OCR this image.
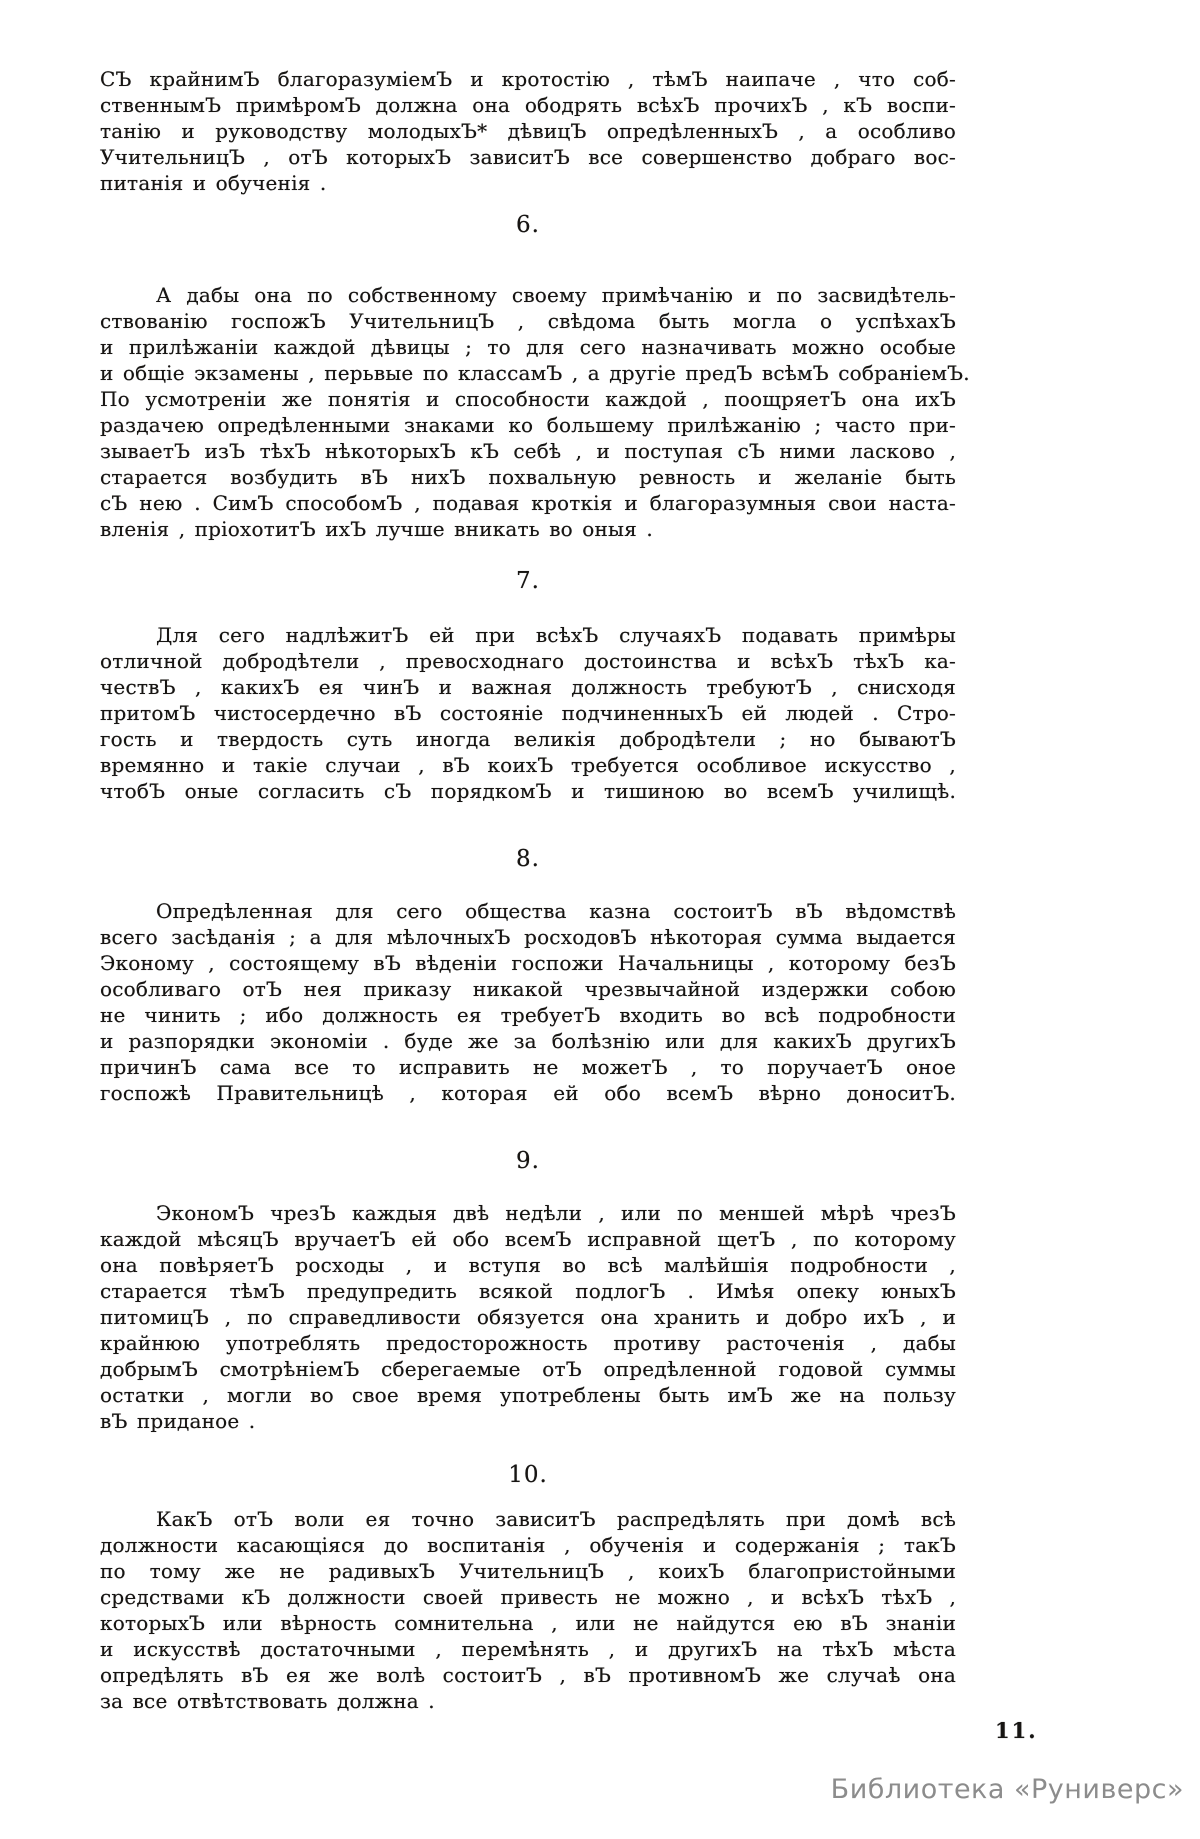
СЪ крайнимЪ благоразумiемЪ и кротостiю , тѣмЪ наипаче , что соб-
ственнымЪ примѣромЪ должна она ободрять всѣхЪ прочихЪ , кЪ воспи-
танiю и руководству молодыхЪ* дѣвицЪ опредѣленныхЪ , а особливо
УчительницЪ , отЪ которыхЪ зависитЪ все совершенство добраго вос-
питанiя и обученiя .
6.
А дабы она по собственному своему примѣчанiю и по засвидѣтель-
ствованiю госпожЪ УчительницЪ , свѣдома быть могла о успѣхахЪ
и прилѣжанiи каждой дѣвицы ; то для сего назначивать можно особые
и общiе экзамены , перьвые по классамЪ , а другiе предЪ всѣмЪ собранiемЪ.
По усмотренiи же понятiя и способности каждой , поощряетЪ она ихЪ
раздачею опредѣленными знаками ко большему прилѣжанiю ; часто при-
зываетЪ изЪ тѣхЪ нѣкоторыхЪ кЪ себѣ , и поступая сЪ ними ласково ,
старается возбудить вЪ нихЪ похвальную ревность и желанiе быть
сЪ нею . СимЪ способомЪ , подавая кроткiя и благоразумныя свои наста-
вленiя , прiохотитЪ ихЪ лучше вникать во оныя .
7.
Для сего надлѣжитЪ ей при всѣхЪ случаяхЪ подавать примѣры
отличной добродѣтели , превосходнаго достоинства и всѣхЪ тѣхЪ ка-
чествЪ , какихЪ ея чинЪ и важная должность требуютЪ , снисходя
притомЪ чистосердечно вЪ состоянiе подчиненныхЪ ей людей . Стро-
гость и твердость суть иногда великiя добродѣтели ; но бываютЪ
времянно и такiе случаи , вЪ коихЪ требуется особливое искусство ,
чтобЪ оные согласить сЪ порядкомЪ и тишиною во всемЪ училищѣ.
8.
Опредѣленная для сего общества казна состоитЪ вЪ вѣдомствѣ
всего засѣданiя ; а для мѣлочныхЪ росходовЪ нѣкоторая сумма выдается
Эконому , состоящему вЪ вѣденiи госпожи Начальницы , которому безЪ
особливаго отЪ нея приказу никакой чрезвычайной издержки собою
не чинить ; ибо должность ея требуетЪ входить во всѣ подробности
и разпорядки экономiи . буде же за болѣзнiю или для какихЪ другихЪ
причинЪ сама все то исправить не можетЪ , то поручаетЪ оное
госпожѣ Правительницѣ , которая ей обо всемЪ вѣрно доноситЪ.
9.
ЭкономЪ чрезЪ каждыя двѣ недѣли , или по меншей мѣрѣ чрезЪ
каждой мѣсяцЪ вручаетЪ ей обо всемЪ исправной щетЪ , по которому
она повѣряетЪ росходы , и вступя во всѣ малѣйшiя подробности ,
старается тѣмЪ предупредить всякой подлогЪ . Имѣя опеку юныхЪ
питомицЪ , по справедливости обязуется она хранить и добро ихЪ , и
крайнюю употреблять предосторожность противу расточенiя , дабы
добрымЪ смотрѣнiемЪ сберегаемые отЪ опредѣленной годовой суммы
остатки , могли во свое время употреблены быть имЪ же на пользу
вЪ приданое .
10.
КакЪ отЪ воли ея точно зависитЪ распредѣлять при домѣ всѣ
должности касающiяся до воспитанiя , обученiя и содержанiя ; такЪ
по тому же не радивыхЪ УчительницЪ , коихЪ благопристойными
средствами кЪ должности своей привесть не можно , и всѣхЪ тѣхЪ ,
которыхЪ или вѣрность сомнительна , или не найдутся ею вЪ знанiи
и искусствѣ достаточными , перемѣнять , и другихЪ на тѣхЪ мѣста
опредѣлять вЪ ея же волѣ состоитЪ , вЪ противномЪ же случаѣ она
за все отвѣтствовать должна .
11.
Библиотека «Руниверс»
